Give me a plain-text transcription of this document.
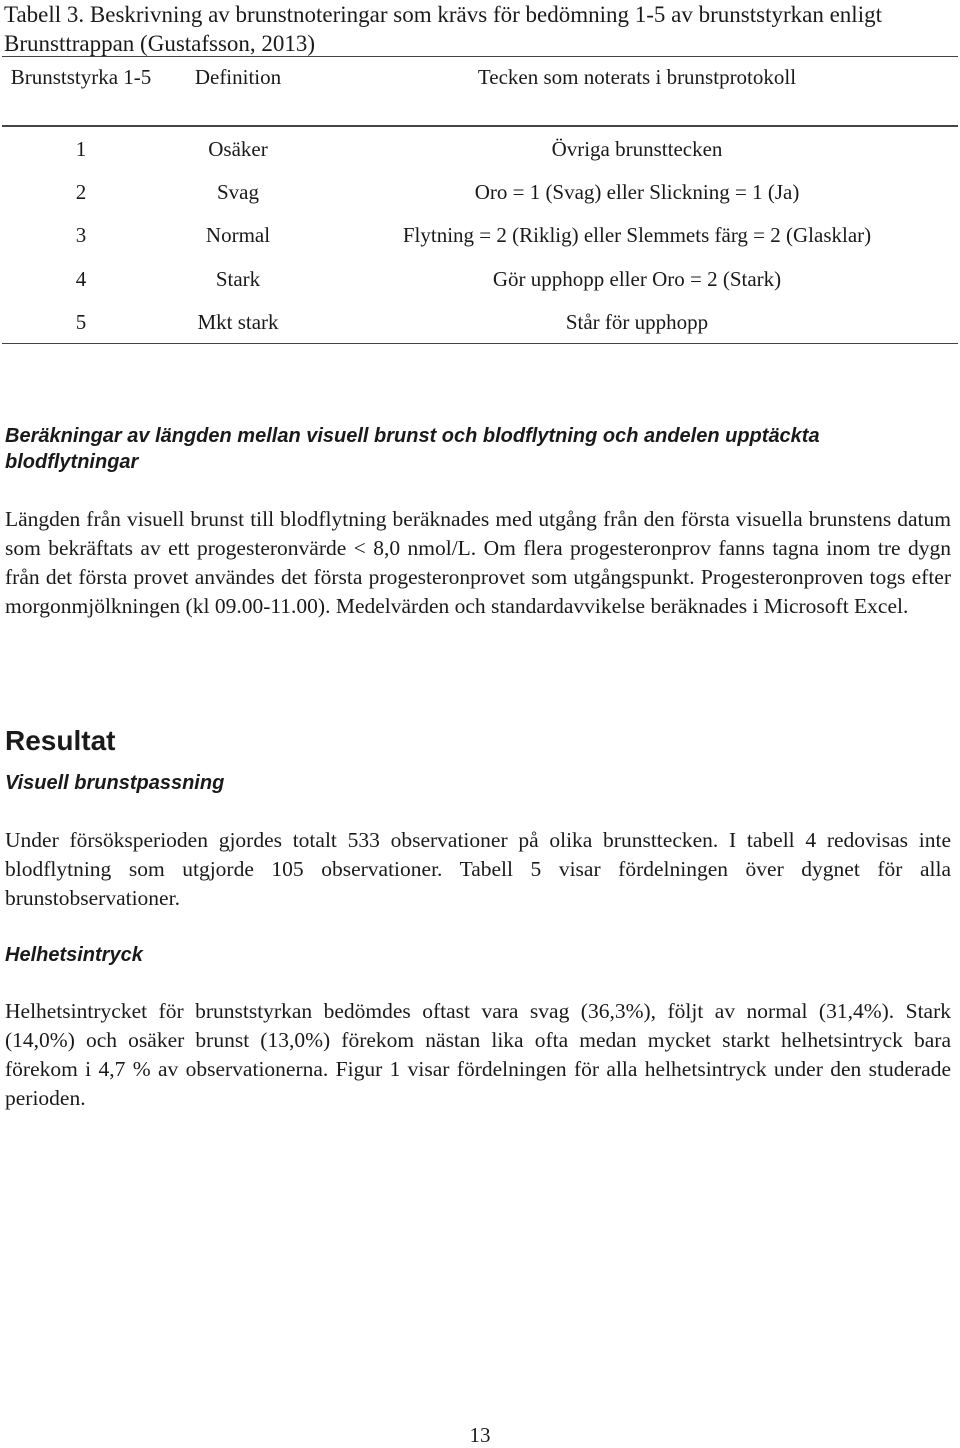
Tabell 3. Beskrivning av brunstnoteringar som krävs för bedömning 1-5 av brunststyrkan enligt Brunsttrappan (Gustafsson, 2013)

Brunststyrka 1-5	Definition	Tecken som noterats i brunstprotokoll
1	Osäker	Övriga brunsttecken
2	Svag	Oro = 1 (Svag) eller Slickning = 1 (Ja)
3	Normal	Flytning = 2 (Riklig) eller Slemmets färg = 2 (Glasklar)
4	Stark	Gör upphopp eller Oro = 2 (Stark)
5	Mkt stark	Står för upphopp
Beräkningar av längden mellan visuell brunst och blodflytning och andelen upptäckta blodflytningar

Längden från visuell brunst till blodflytning beräknades med utgång från den första visuella brunstens datum som bekräftats av ett progesteronvärde < 8,0 nmol/L. Om flera progesteronprov fanns tagna inom tre dygn från det första provet användes det första progesteronprovet som utgångspunkt. Progesteronproven togs efter morgonmjölkningen (kl 09.00-11.00). Medelvärden och standardavvikelse beräknades i Microsoft Excel.

Resultat
Visuell brunstpassning

Under försöksperioden gjordes totalt 533 observationer på olika brunsttecken. I tabell 4 redovisas inte blodflytning som utgjorde 105 observationer. Tabell 5 visar fördelningen över dygnet för alla brunstobservationer.

Helhetsintryck

Helhetsintrycket för brunststyrkan bedömdes oftast vara svag (36,3%), följt av normal (31,4%). Stark (14,0%) och osäker brunst (13,0%) förekom nästan lika ofta medan mycket starkt helhetsintryck bara förekom i 4,7 % av observationerna. Figur 1 visar fördelningen för alla helhetsintryck under den studerade perioden.

13
